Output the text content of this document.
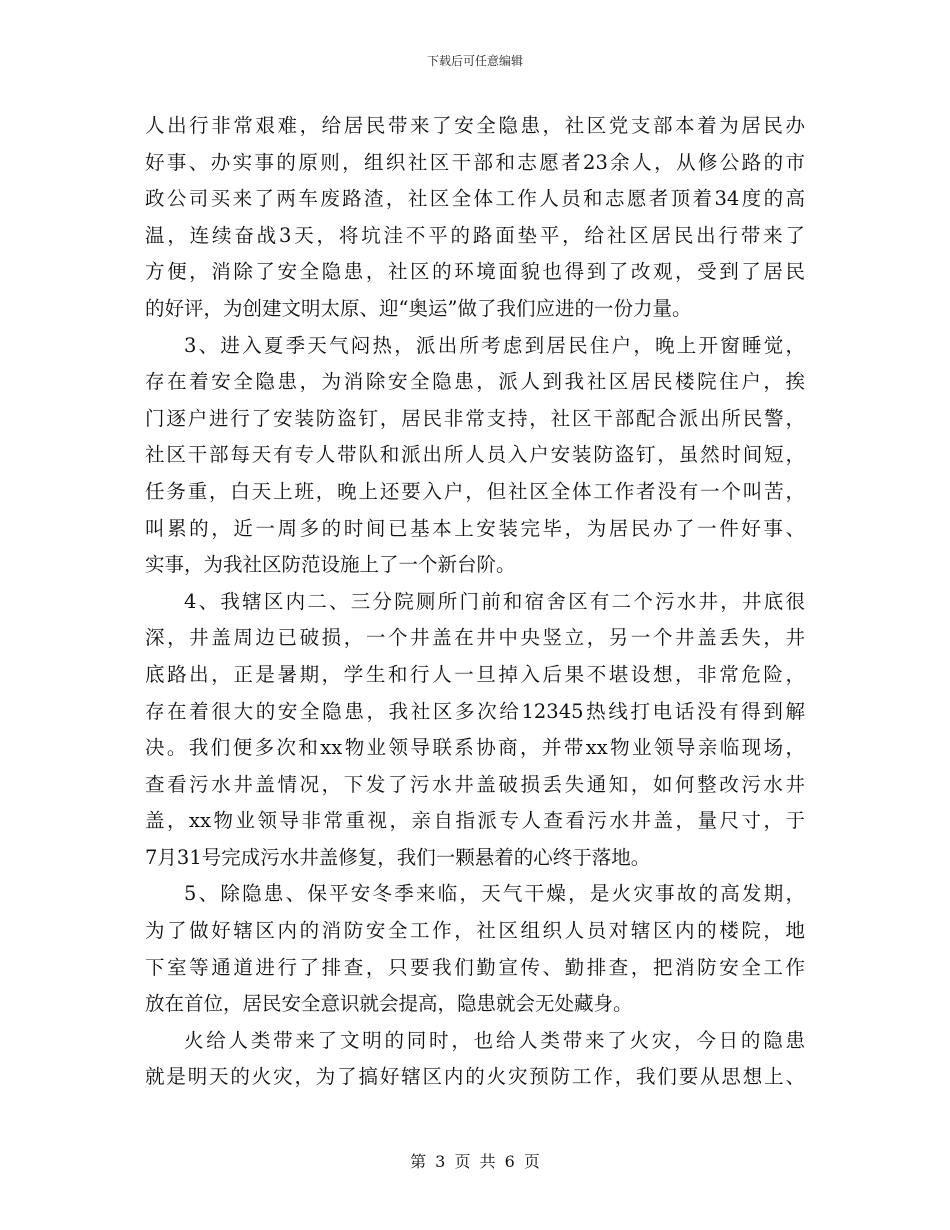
下载后可任意编辑
人出行非常艰难，给居民带来了安全隐患，社区党支部本着为居民办
好事、办实事的原则，组织社区干部和志愿者23余人，从修公路的市
政公司买来了两车废路渣，社区全体工作人员和志愿者顶着34度的高
温，连续奋战3天，将坑洼不平的路面垫平，给社区居民出行带来了
方便，消除了安全隐患，社区的环境面貌也得到了改观，受到了居民
的好评，为创建文明太原、迎“奥运”做了我们应进的一份力量。
3、进入夏季天气闷热，派出所考虑到居民住户，晚上开窗睡觉，
存在着安全隐患，为消除安全隐患，派人到我社区居民楼院住户，挨
门逐户进行了安装防盗钉，居民非常支持，社区干部配合派出所民警，
社区干部每天有专人带队和派出所人员入户安装防盗钉，虽然时间短，
任务重，白天上班，晚上还要入户，但社区全体工作者没有一个叫苦，
叫累的，近一周多的时间已基本上安装完毕，为居民办了一件好事、
实事，为我社区防范设施上了一个新台阶。
4、我辖区内二、三分院厕所门前和宿舍区有二个污水井，井底很
深，井盖周边已破损，一个井盖在井中央竖立，另一个井盖丢失，井
底路出，正是暑期，学生和行人一旦掉入后果不堪设想，非常危险，
存在着很大的安全隐患，我社区多次给12345热线打电话没有得到解
决。我们便多次和xx物业领导联系协商，并带xx物业领导亲临现场，
查看污水井盖情况，下发了污水井盖破损丢失通知，如何整改污水井
盖，xx物业领导非常重视，亲自指派专人查看污水井盖，量尺寸，于
7月31号完成污水井盖修复，我们一颗悬着的心终于落地。
5、除隐患、保平安冬季来临，天气干燥，是火灾事故的高发期，
为了做好辖区内的消防安全工作，社区组织人员对辖区内的楼院，地
下室等通道进行了排查，只要我们勤宣传、勤排查，把消防安全工作
放在首位，居民安全意识就会提高，隐患就会无处藏身。
火给人类带来了文明的同时，也给人类带来了火灾，今日的隐患
就是明天的火灾，为了搞好辖区内的火灾预防工作，我们要从思想上、
第 3 页 共 6 页
